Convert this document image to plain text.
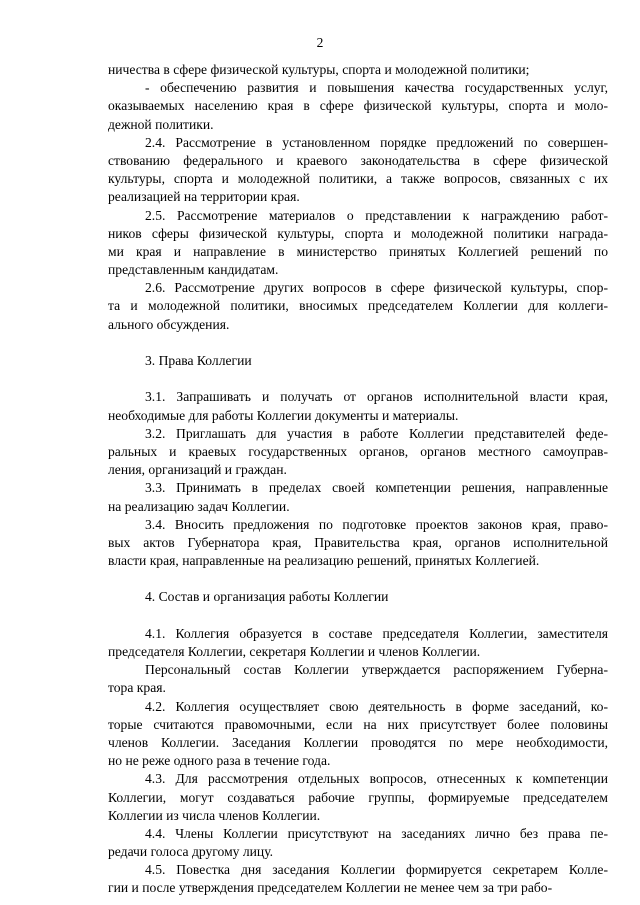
2
ничества в сфере физической культуры, спорта и молодежной политики;
- обеспечению развития и повышения качества государственных услуг,
оказываемых населению края в сфере физической культуры, спорта и моло-
дежной политики.
2.4. Рассмотрение в установленном порядке предложений по совершен-
ствованию федерального и краевого законодательства в сфере физической
культуры, спорта и молодежной политики, а также вопросов, связанных с их
реализацией на территории края.
2.5. Рассмотрение материалов о представлении к награждению работ-
ников сферы физической культуры, спорта и молодежной политики награда-
ми края и направление в министерство принятых Коллегией решений по
представленным кандидатам.
2.6. Рассмотрение других вопросов в сфере физической культуры, спор-
та и молодежной политики, вносимых председателем Коллегии для коллеги-
ального обсуждения.
3. Права Коллегии
3.1. Запрашивать и получать от органов исполнительной власти края,
необходимые для работы Коллегии документы и материалы.
3.2. Приглашать для участия в работе Коллегии представителей феде-
ральных и краевых государственных органов, органов местного самоуправ-
ления, организаций и граждан.
3.3. Принимать в пределах своей компетенции решения, направленные
на реализацию задач Коллегии.
3.4. Вносить предложения по подготовке проектов законов края, право-
вых актов Губернатора края, Правительства края, органов исполнительной
власти края, направленные на реализацию решений, принятых Коллегией.
4. Состав и организация работы Коллегии
4.1. Коллегия образуется в составе председателя Коллегии, заместителя
председателя Коллегии, секретаря Коллегии и членов Коллегии.
Персональный состав Коллегии утверждается распоряжением Губерна-
тора края.
4.2. Коллегия осуществляет свою деятельность в форме заседаний, ко-
торые считаются правомочными, если на них присутствует более половины
членов Коллегии. Заседания Коллегии проводятся по мере необходимости,
но не реже одного раза в течение года.
4.3. Для рассмотрения отдельных вопросов, отнесенных к компетенции
Коллегии, могут создаваться рабочие группы, формируемые председателем
Коллегии из числа членов Коллегии.
4.4. Члены Коллегии присутствуют на заседаниях лично без права пе-
редачи голоса другому лицу.
4.5. Повестка дня заседания Коллегии формируется секретарем Колле-
гии и после утверждения председателем Коллегии не менее чем за три рабо-
